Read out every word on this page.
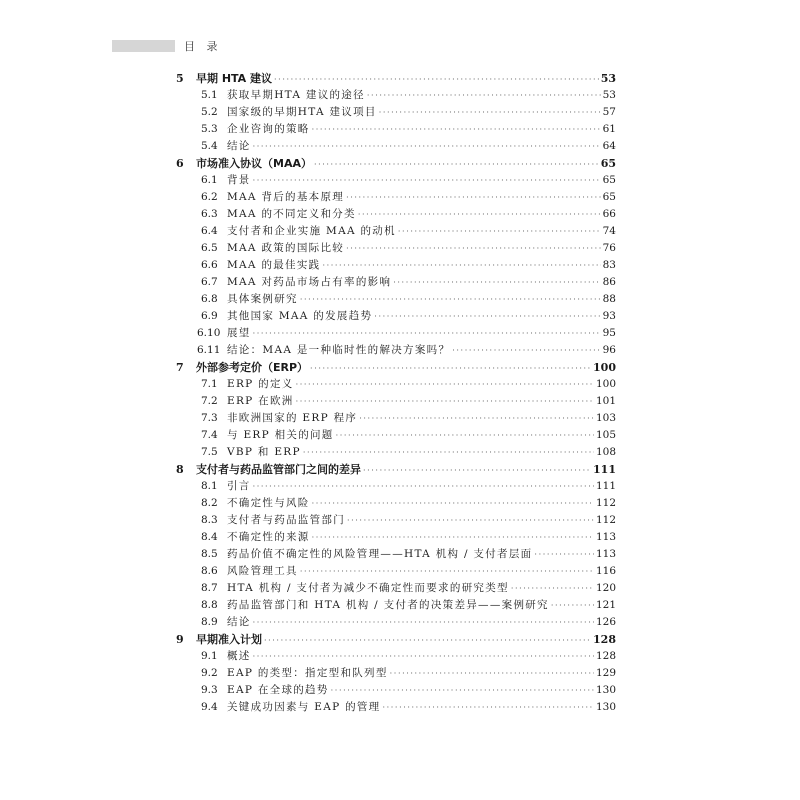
目 录
5	早期 HTA 建议 ·····	53
5.1 获取早期HTA 建议的途径 ·····	53
5.2 国家级的早期HTA 建议项目 ·····	57
5.3 企业咨询的策略 ·····	61
5.4 结论 ·····	64
6	市场准入协议（MAA） ·····	65
6.1 背景 ·····	65
6.2 MAA 背后的基本原理 ·····	65
6.3 MAA 的不同定义和分类 ·····	66
6.4 支付者和企业实施 MAA 的动机 ·····	74
6.5 MAA 政策的国际比较 ·····	76
6.6 MAA 的最佳实践 ·····	83
6.7 MAA 对药品市场占有率的影响 ·····	86
6.8 具体案例研究 ·····	88
6.9 其他国家 MAA 的发展趋势 ·····	93
6.10 展望 ·····	95
6.11 结论：MAA 是一种临时性的解决方案吗？ ·····	96
7	外部参考定价（ERP） ·····	100
7.1 ERP 的定义 ·····	100
7.2 ERP 在欧洲 ·····	101
7.3 非欧洲国家的 ERP 程序 ·····	103
7.4 与 ERP 相关的问题 ·····	105
7.5 VBP 和 ERP ·····	108
8	支付者与药品监管部门之间的差异 ·····	111
8.1 引言 ·····	111
8.2 不确定性与风险 ·····	112
8.3 支付者与药品监管部门 ·····	112
8.4 不确定性的来源 ·····	113
8.5 药品价值不确定性的风险管理——HTA 机构 / 支付者层面 ·····	113
8.6 风险管理工具 ·····	116
8.7 HTA 机构 / 支付者为减少不确定性而要求的研究类型 ·····	120
8.8 药品监管部门和 HTA 机构 / 支付者的决策差异——案例研究 ·····	121
8.9 结论 ·····	126
9	早期准入计划 ·····	128
9.1 概述 ·····	128
9.2 EAP 的类型：指定型和队列型 ·····	129
9.3 EAP 在全球的趋势 ·····	130
9.4 关键成功因素与 EAP 的管理 ·····	130
